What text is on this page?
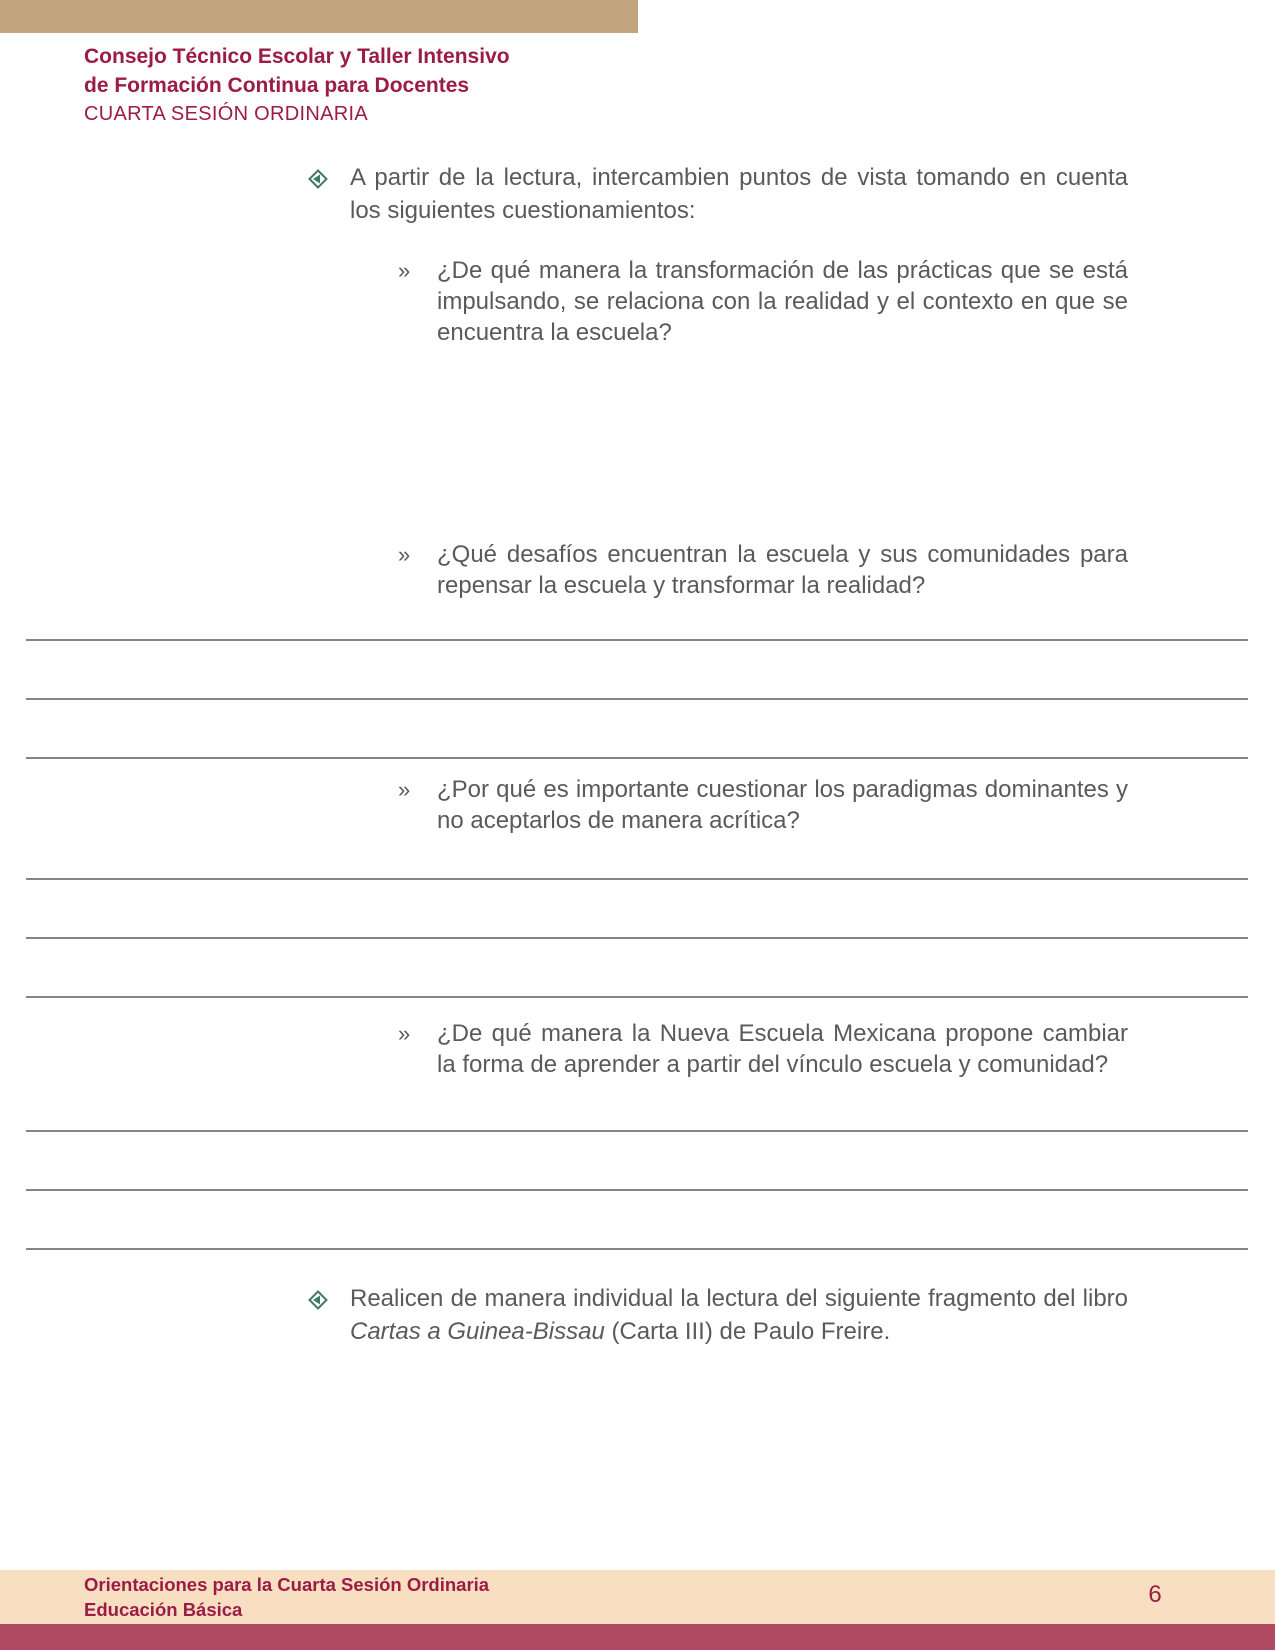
Consejo Técnico Escolar y Taller Intensivo
de Formación Continua para Docentes
CUARTA SESIÓN ORDINARIA
A partir de la lectura, intercambien puntos de vista tomando en cuenta los siguientes cuestionamientos:
» ¿De qué manera la transformación de las prácticas que se está impulsando, se relaciona con la realidad y el contexto en que se encuentra la escuela?
» ¿Qué desafíos encuentran la escuela y sus comunidades para repensar la escuela y transformar la realidad?
» ¿Por qué es importante cuestionar los paradigmas dominantes y no aceptarlos de manera acrítica?
» ¿De qué manera la Nueva Escuela Mexicana propone cambiar la forma de aprender a partir del vínculo escuela y comunidad?
Realicen de manera individual la lectura del siguiente fragmento del libro Cartas a Guinea-Bissau (Carta III) de Paulo Freire.
Orientaciones para la Cuarta Sesión Ordinaria
Educación Básica
6
